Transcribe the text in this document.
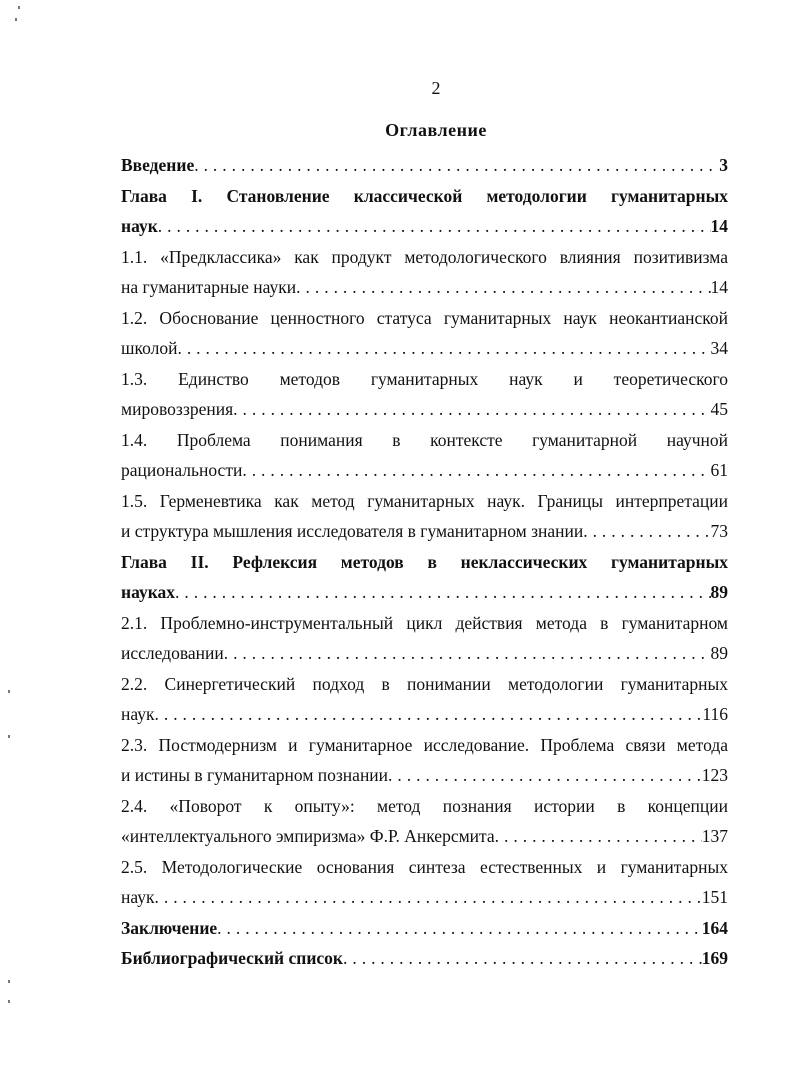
2
Оглавление
Введение . . .	3
Глава I. Становление классической методологии гуманитарных
наук . . .	14
1.1. «Предклассика» как продукт методологического влияния позитивизма
на гуманитарные науки . . .	14
1.2. Обоснование ценностного статуса гуманитарных наук неокантианской
школой . . .	34
1.3. Единство методов гуманитарных наук и теоретического
мировоззрения . . .	45
1.4. Проблема понимания в контексте гуманитарной научной
рациональности . . .	61
1.5. Герменевтика как метод гуманитарных наук. Границы интерпретации
и структура мышления исследователя в гуманитарном знании . . .	73
Глава II. Рефлексия методов в неклассических гуманитарных
науках . . .	89
2.1. Проблемно-инструментальный цикл действия метода в гуманитарном
исследовании . . .	89
2.2. Синергетический подход в понимании методологии гуманитарных
наук . . .	116
2.3. Постмодернизм и гуманитарное исследование. Проблема связи метода
и истины в гуманитарном познании . . .	123
2.4. «Поворот к опыту»: метод познания истории в концепции
«интеллектуального эмпиризма» Ф.Р. Анкерсмита . . .	137
2.5. Методологические основания синтеза естественных и гуманитарных
наук . . .	151
Заключение . . .	164
Библиографический список . . .	169
